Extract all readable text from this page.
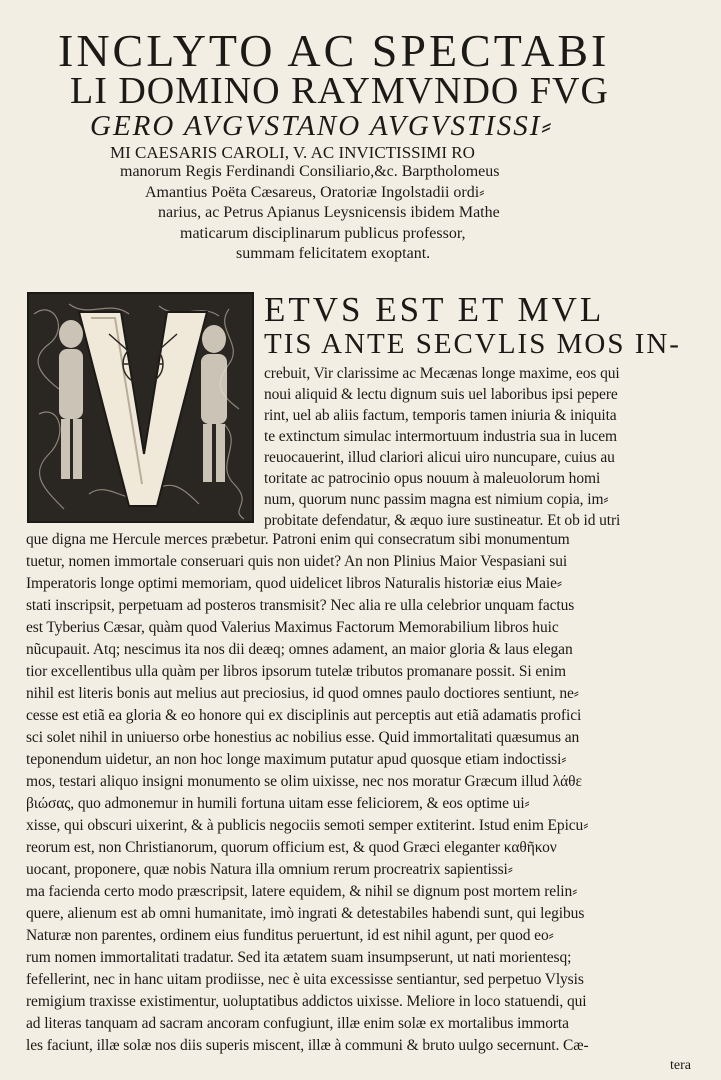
INCLYTO AC SPECTABI
LI DOMINO RAYMVNDO FVG
GERO AVGVSTANO AVGVSTISSI⸗
MI CAESARIS CAROLI, V. AC INVICTISSIMI RO
manorum Regis Ferdinandi Consiliario,&c. Barptholomeus
Amantius Poëta Cæsareus, Oratoriæ Ingolstadii ordi⸗
narius, ac Petrus Apianus Leysnicensis ibidem Mathe
maticarum disciplinarum publicus professor,
summam felicitatem exoptant.
ETVS EST ET MVL
TIS ANTE SECVLIS MOS IN-
crebuit, Vir clarissime ac Mecænas longe maxime, eos qui
noui aliquid & lectu dignum suis uel laboribus ipsi pepere
rint, uel ab aliis factum, temporis tamen iniuria & iniquita
te extinctum simulac intermortuum industria sua in lucem
reuocauerint, illud clariori alicui uiro nuncupare, cuius au
toritate ac patrocinio opus nouum à maleuolorum homi
num, quorum nunc passim magna est nimium copia, im⸗
probitate defendatur, & æquo iure sustineatur. Et ob id utri
que digna me Hercule merces præbetur. Patroni enim qui consecratum sibi monumentum
tuetur, nomen immortale conseruari quis non uidet? An non Plinius Maior Vespasiani sui
Imperatoris longe optimi memoriam, quod uidelicet libros Naturalis historiæ eius Maie⸗
stati inscripsit, perpetuam ad posteros transmisit? Nec alia re ulla celebrior unquam factus
est Tyberius Cæsar, quàm quod Valerius Maximus Factorum Memorabilium libros huic
nũcupauit. Atq; nescimus ita nos dii deæq; omnes adament, an maior gloria & laus elegan
tior excellentibus ulla quàm per libros ipsorum tutelæ tributos promanare possit. Si enim
nihil est literis bonis aut melius aut preciosius, id quod omnes paulo doctiores sentiunt, ne⸗
cesse est etiã ea gloria & eo honore qui ex disciplinis aut perceptis aut etiã adamatis profici
sci solet nihil in uniuerso orbe honestius ac nobilius esse. Quid immortalitati quæsumus an
teponendum uidetur, an non hoc longe maximum putatur apud quosque etiam indoctissi⸗
mos, testari aliquo insigni monumento se olim uixisse, nec nos moratur Græcum illud λάθε
βιώσας, quo admonemur in humili fortuna uitam esse feliciorem, & eos optime ui⸗
xisse, qui obscuri uixerint, & à publicis negociis semoti semper extiterint. Istud enim Epicu⸗
reorum est, non Christianorum, quorum officium est, & quod Græci eleganter καθῆκον
uocant, proponere, quæ nobis Natura illa omnium rerum procreatrix sapientissi⸗
ma facienda certo modo præscripsit, latere equidem, & nihil se dignum post mortem relin⸗
quere, alienum est ab omni humanitate, imò ingrati & detestabiles habendi sunt, qui legibus
Naturæ non parentes, ordinem eius funditus peruertunt, id est nihil agunt, per quod eo⸗
rum nomen immortalitati tradatur. Sed ita ætatem suam insumpserunt, ut nati morientesq;
fefellerint, nec in hanc uitam prodiisse, nec è uita excessisse sentiantur, sed perpetuo Vlysis
remigium traxisse existimentur, uoluptatibus addictos uixisse. Meliore in loco statuendi, qui
ad literas tanquam ad sacram ancoram confugiunt, illæ enim solæ ex mortalibus immorta
les faciunt, illæ solæ nos diis superis miscent, illæ à communi & bruto uulgo secernunt. Cæ-
tera
